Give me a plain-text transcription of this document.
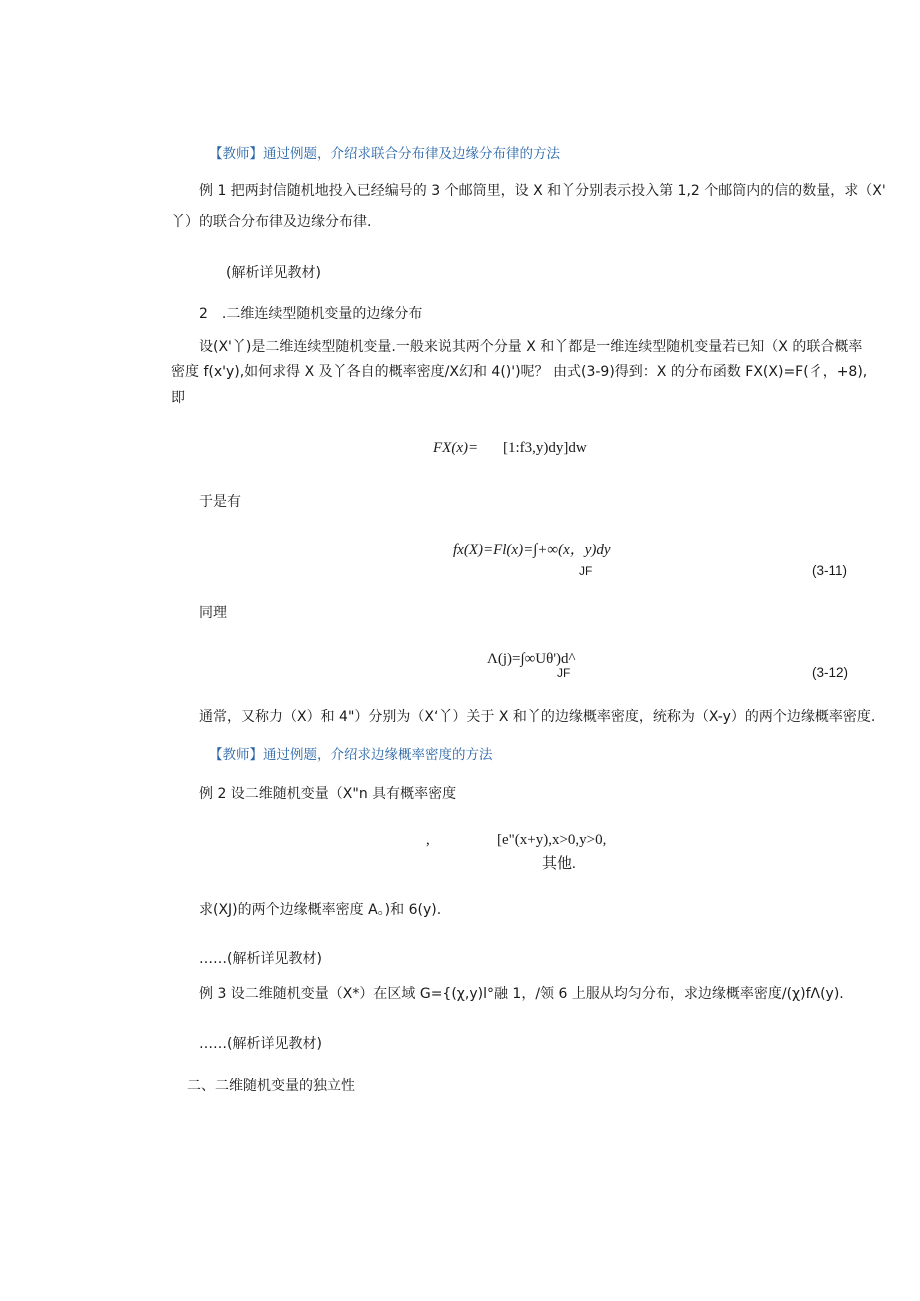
【教师】通过例题，介绍求联合分布律及边缘分布律的方法
例 1 把两封信随机地投入已经编号的 3 个邮筒里，设 X 和丫分别表示投入第 1,2 个邮筒内的信的数量，求（X'
丫）的联合分布律及边缘分布律.
(解析详见教材)
2　.二维连续型随机变量的边缘分布
设(X'丫)是二维连续型随机变量.一般来说其两个分量 X 和丫都是一维连续型随机变量若已知（X 的联合概率
密度 f(x'y),如何求得 X 及丫各自的概率密度/X幻和 4()')呢？ 由式(3-9)得到：X 的分布函数 FX(X)=F(彳，+8),
即
FX(x)= [1:f3,y)dy]dw
于是有
fx(X)=Fl(x)=∫+∞(x，y)dy
JF	(3-11)
同理
Λ(j)=∫∞Uθ')d^
JF	(3-12)
通常，又称力（X）和 4"）分别为（X‘丫）关于 X 和丫的边缘概率密度，统称为（X-y）的两个边缘概率密度.
【教师】通过例题，介绍求边缘概率密度的方法
例 2 设二维随机变量（X"n 具有概率密度
,	[e"(x+y),x>0,y>0,
其他.
求(XJ)的两个边缘概率密度 A。)和 6(y).
……(解析详见教材)
例 3 设二维随机变量（X*）在区域 G={(χ,y)l°融 1，/领 6 上服从均匀分布，求边缘概率密度/(χ)fΛ(y).
……(解析详见教材)
二、二维随机变量的独立性
